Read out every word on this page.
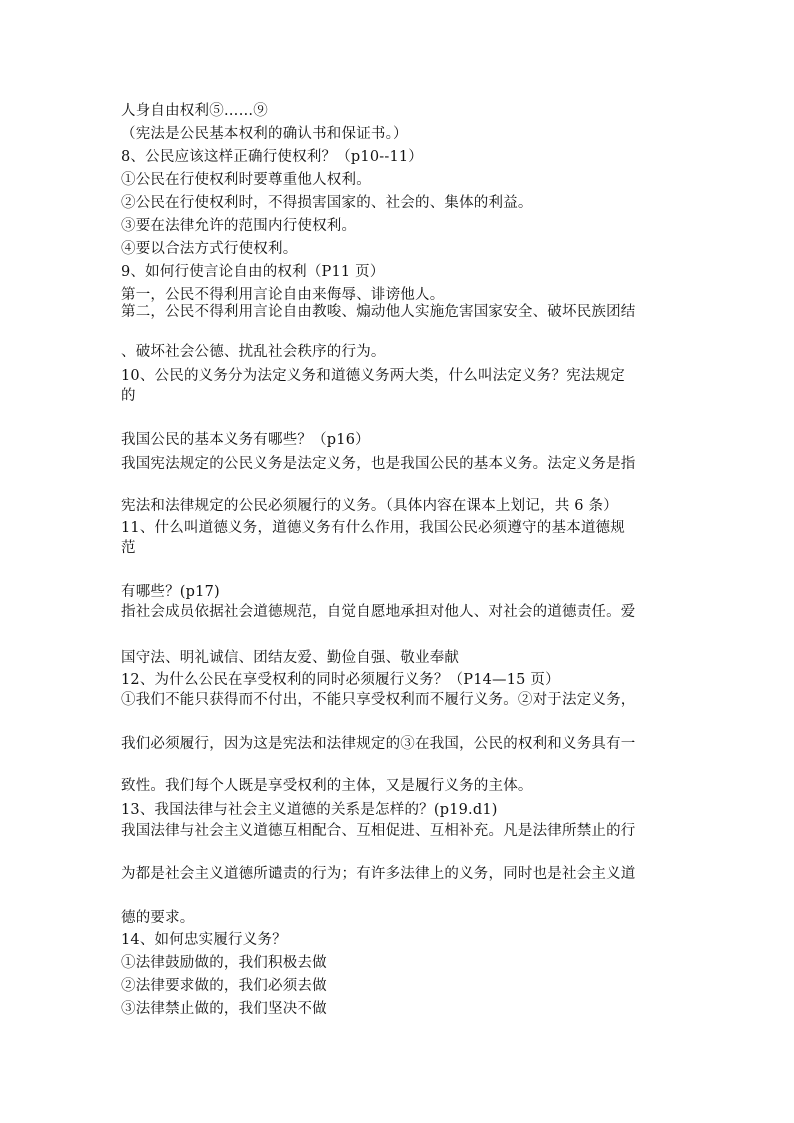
人身自由权利⑤……⑨
（宪法是公民基本权利的确认书和保证书。）
8、公民应该这样正确行使权利？（p10--11）
①公民在行使权利时要尊重他人权利。
②公民在行使权利时，不得损害国家的、社会的、集体的利益。
③要在法律允许的范围内行使权利。
④要以合法方式行使权利。
9、如何行使言论自由的权利（P11 页）
第一，公民不得利用言论自由来侮辱、诽谤他人。
第二，公民不得利用言论自由教唆、煽动他人实施危害国家安全、破坏民族团结
、破坏社会公德、扰乱社会秩序的行为。
10、公民的义务分为法定义务和道德义务两大类，什么叫法定义务？宪法规定
的
我国公民的基本义务有哪些？（p16）
我国宪法规定的公民义务是法定义务，也是我国公民的基本义务。法定义务是指
宪法和法律规定的公民必须履行的义务。（具体内容在课本上划记，共 6 条）
11、什么叫道德义务，道德义务有什么作用，我国公民必须遵守的基本道德规
范
有哪些？(p17)
指社会成员依据社会道德规范，自觉自愿地承担对他人、对社会的道德责任。爱
国守法、明礼诚信、团结友爱、勤俭自强、敬业奉献
12、为什么公民在享受权利的同时必须履行义务？（P14—15 页）
①我们不能只获得而不付出，不能只享受权利而不履行义务。②对于法定义务，
我们必须履行，因为这是宪法和法律规定的③在我国，公民的权利和义务具有一
致性。我们每个人既是享受权利的主体，又是履行义务的主体。
13、我国法律与社会主义道德的关系是怎样的？(p19.d1)
我国法律与社会主义道德互相配合、互相促进、互相补充。凡是法律所禁止的行
为都是社会主义道德所谴责的行为；有许多法律上的义务，同时也是社会主义道
德的要求。
14、如何忠实履行义务？
①法律鼓励做的，我们积极去做
②法律要求做的，我们必须去做
③法律禁止做的，我们坚决不做
